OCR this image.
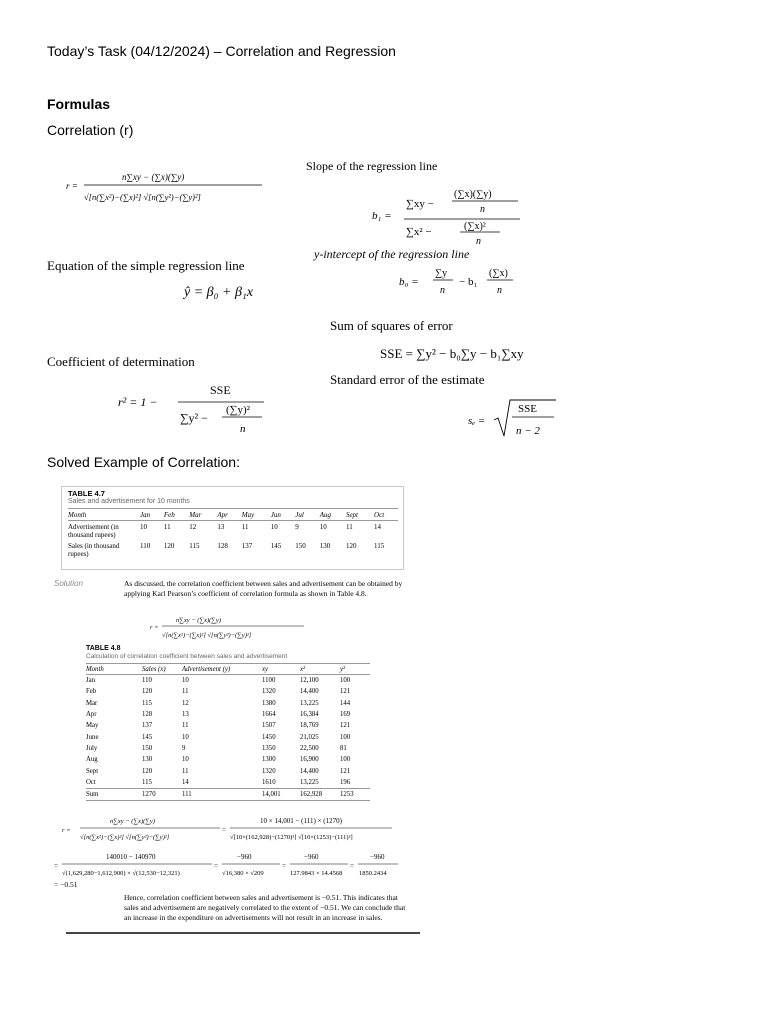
Today’s Task (04/12/2024) – Correlation and Regression
Formulas
Correlation (r)
r =
n∑xy − (∑x)(∑y)
√[n(∑x²)−(∑x)²] √[n(∑y²)−(∑y)²]
Slope of the regression line
b₁ =
∑xy −
(∑x)(∑y)
n
∑x² −	(∑x)²
n
y-intercept of the regression line
b₀ =
∑y
n
− b₁
(∑x)
n
Equation of the simple regression line
ŷ = β₀ + β₁x
Sum of squares of error
SSE = ∑y² − b₀∑y − b₁∑xy
Coefficient of determination
r² = 1 −
SSE
∑y² −
(∑y)²
n
Standard error of the estimate
sₑ =
SSE
n − 2
Solved Example of Correlation:
TABLE 4.7
Sales and advertisement for 10 months
Month	Jan	Feb	Mar	Apr	May	Jun	Jul	Aug	Sept	Oct
Advertisement (in
thousand rupees)	10	11	12	13	11	10	9	10	11	14
Sales (in thousand
rupees)	110	120	115	128	137	145	150	130	120	115
Solution	As discussed, the correlation coefficient between sales and advertisement can be obtained by applying Karl Pearson’s coefficient of correlation formula as shown in Table 4.8.
r =
n∑xy − (∑x)(∑y)
√[n(∑x²)−(∑x)²] √[n(∑y²)−(∑y)²]
TABLE 4.8
Calculation of correlation coefficient between sales and advertisement
Month	Sales (x)	Advertisement (y)	xy	x²	y²
Jan	110	10	1100	12,100	100
Feb	120	11	1320	14,400	121
Mar	115	12	1380	13,225	144
Apr	128	13	1664	16,384	169
May	137	11	1507	18,769	121
June	145	10	1450	21,025	100
July	150	9	1350	22,500	81
Aug	130	10	1300	16,900	100
Sept	120	11	1320	14,400	121
Oct	115	14	1610	13,225	196
Sum	1270	111	14,001	162,928	1253
r =
n∑xy − (∑x)(∑y)
√[n(∑x²)−(∑x)²] √[n(∑y²)−(∑y)²]
=
10 × 14,001 − (111) × (1270)
√[10×(162,928)−(1270)²] √[10×(1253)−(111)²]
=
140010 − 140970
√(1,629,280−1,612,900) × √(12,530−12,321)
=
−960
√16,380 × √209
=
−960
127.9843 × 14.4568
=
−960
1850.2434
= −0.51
Hence, correlation coefficient between sales and advertisement is −0.51. This indicates that sales and advertisement are negatively correlated to the extent of −0.51. We can conclude that an increase in the expenditure on advertisements will not result in an increase in sales.
